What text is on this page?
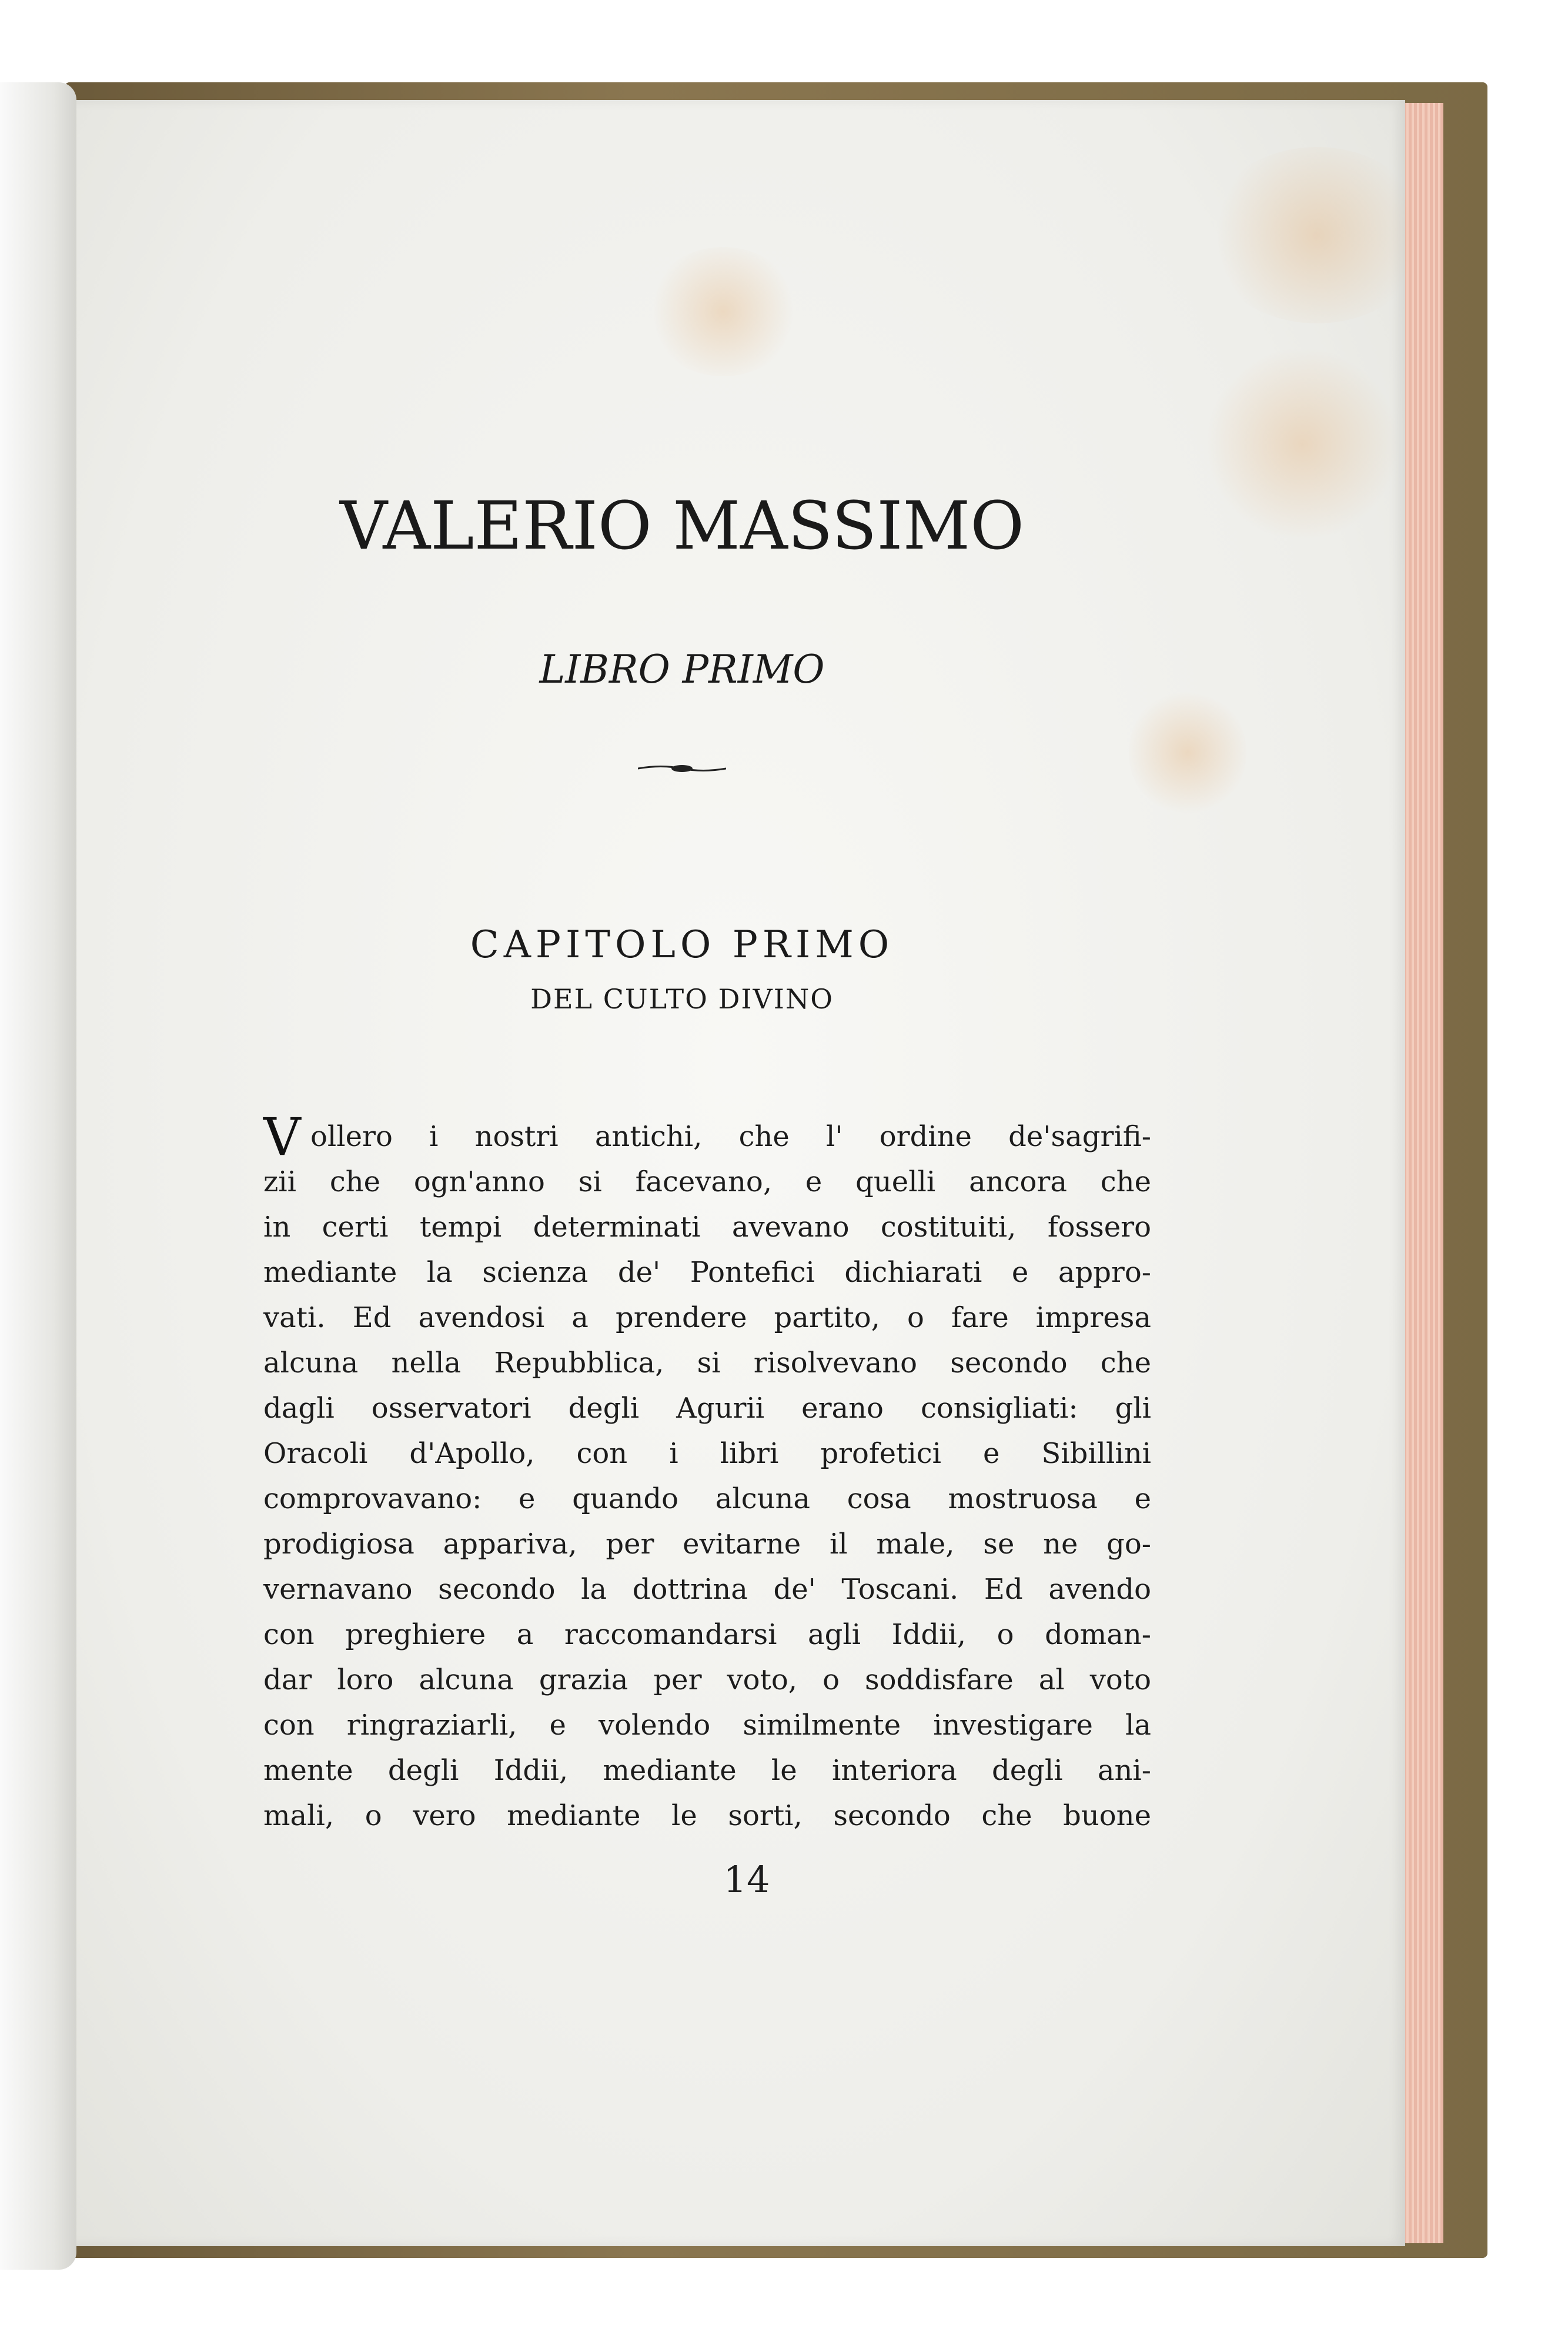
VALERIO MASSIMO
LIBRO PRIMO
CAPITOLO PRIMO
DEL CULTO DIVINO
V ollero i nostri antichi, che l' ordine de'sagrifi-
zii che ogn'anno si facevano, e quelli ancora che
in certi tempi determinati avevano costituiti, fossero
mediante la scienza de' Pontefici dichiarati e appro-
vati. Ed avendosi a prendere partito, o fare impresa
alcuna nella Repubblica, si risolvevano secondo che
dagli osservatori degli Agurii erano consigliati: gli
Oracoli d'Apollo, con i libri profetici e Sibillini
comprovavano: e quando alcuna cosa mostruosa e
prodigiosa appariva, per evitarne il male, se ne go-
vernavano secondo la dottrina de' Toscani. Ed avendo
con preghiere a raccomandarsi agli Iddii, o doman-
dar loro alcuna grazia per voto, o soddisfare al voto
con ringraziarli, e volendo similmente investigare la
mente degli Iddii, mediante le interiora degli ani-
mali, o vero mediante le sorti, secondo che buone
14
